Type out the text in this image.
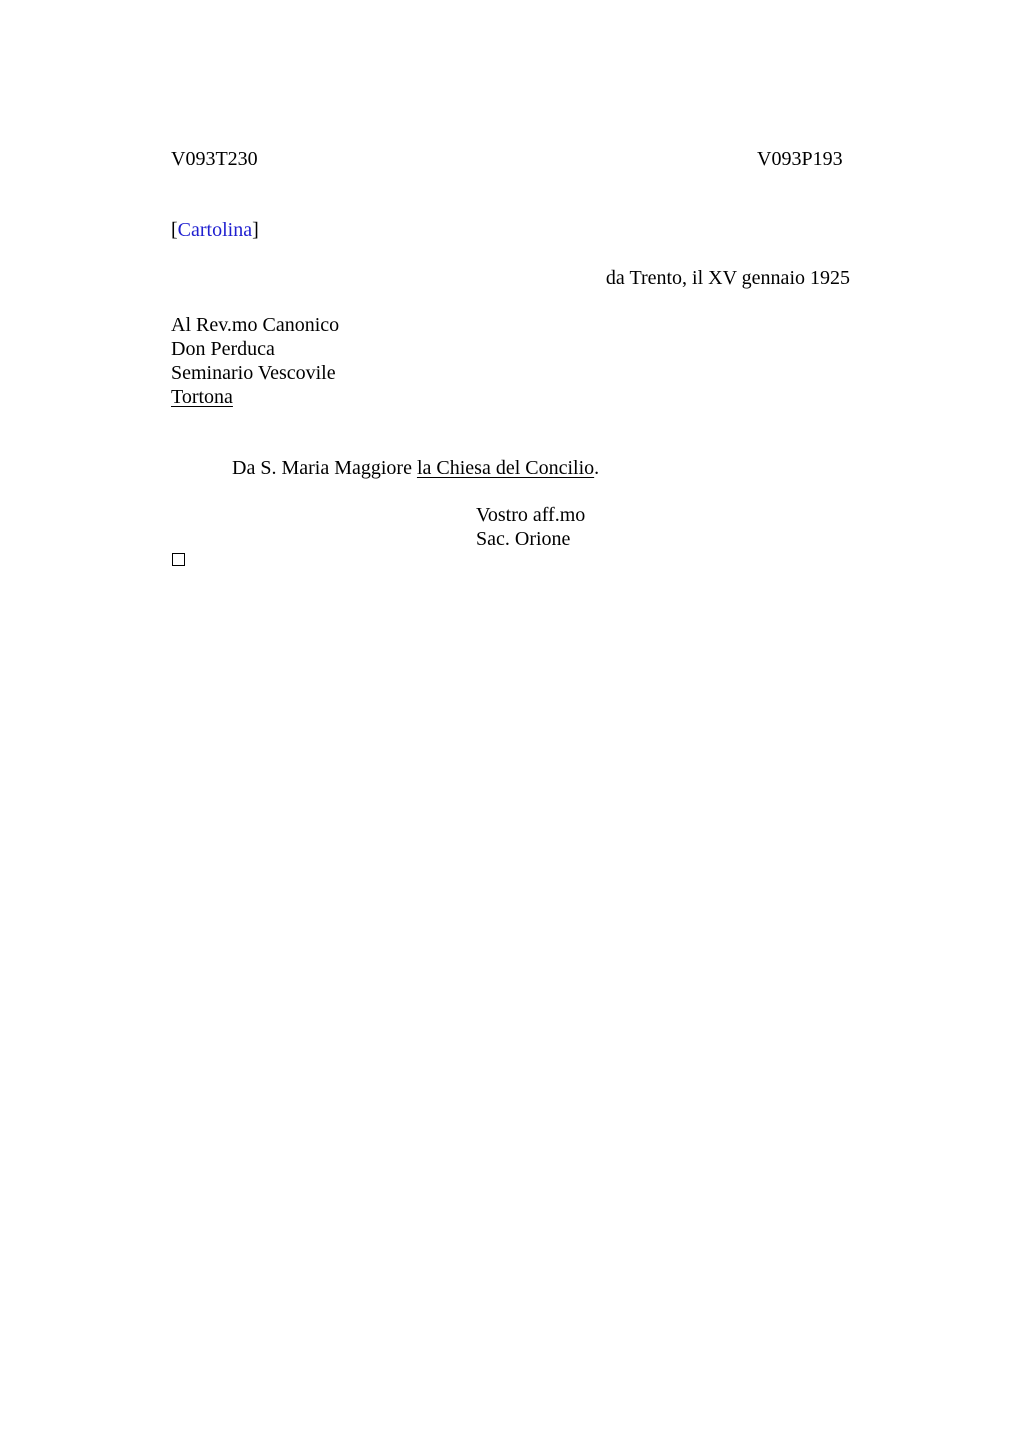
V093T230	V093P193
[Cartolina]
da Trento, il XV gennaio 1925
Al Rev.mo Canonico
Don Perduca
Seminario Vescovile
Tortona
Da S. Maria Maggiore la Chiesa del Concilio.
Vostro aff.mo
Sac. Orione
